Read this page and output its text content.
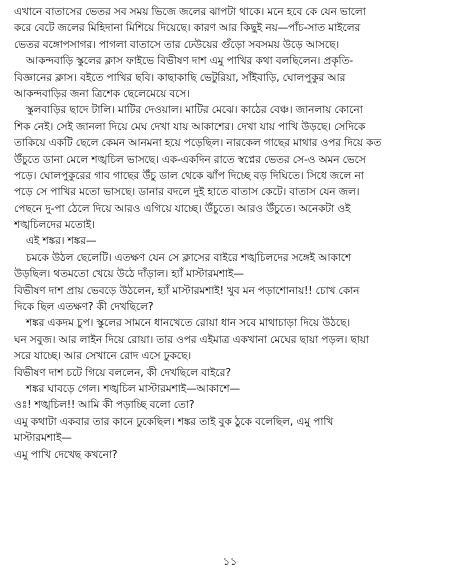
এখানে বাতাসের ভেতর সব সময় ভিজে জলের ঝাপটা থাকে। মনে হবে কে যেন ভালো
করে বেটে জলের মিহিদানা মিশিয়ে দিয়েছে। কারণ আর কিছুই নয়—পাঁচ-সাত মাইলের
ভেতর বঙ্গোপসাগর। পাগলা বাতাসে তার ঢেউয়ের গুঁড়ো সবসময় উড়ে আসছে।
আকন্দবাড়ি স্কুলের ক্লাস ফাইভে বিভীষণ দাশ এমু পাখির কথা বলছিলেন। প্রকৃতি-
বিজ্ঞানের ক্লাস। বইতে পাখির ছবি। কাছাকাছি ভেটুরিয়া, সাঁইবাড়ি, ঘোলপুকুর আর
আকন্দবাড়ির জনা ত্রিশেক ছেলেমেয়ে বসে।
স্কুলবাড়ির ছাদে টালি। মাটির দেওয়াল। মাটির মেঝে। কাঠের বেঞ্চ। জানলায় কোনো
শিক নেই। সেই জানলা দিয়ে মেঘ দেখা যায় আকাশের। দেখা যায় পাখি উড়ছে। সেদিকে
তাকিয়ে একটি ছেলে কেমন আনমনা হয়ে পড়েছিল। নারকেল গাছের মাথার ওপর দিয়ে কত
উঁচুতে ডানা মেলে শঙ্খচিল ভাসছে। এক-একদিন রাতে স্বপ্নের ভেতর সে-ও অমন ভেসে
পড়ে। ঘোলপুকুরের গাব গাছের উঁচু ডাল থেকে ঝাঁপ দিচ্ছে বড় দিঘিতে। সিধে জলে না
পড়ে সে পাখির মতো ভাসছে। ডানার বদলে দুই হাতে বাতাস কেটে। বাতাস যেন জল।
পেছনে দু-পা ঠেলে দিয়ে আরও এগিয়ে যাচ্ছে। উঁচুতে। আরও উঁচুতে। অনেকটা ওই
শঙ্খচিলদের মতোই।
এই শঙ্কর। শঙ্কর—
চমকে উঠল ছেলেটি। এতক্ষণ যেন সে ক্লাসের বাইরে শঙ্খচিলদের সঙ্গেই আকাশে
উড়ছিল। থতমতো খেয়ে উঠে দাঁড়াল। হ্যাঁ মাস্টারমশাই—
বিভীষণ দাশ প্রায় ভেবড়ে উঠলেন, হ্যাঁ মাস্টারমশাই! খুব মন পড়াশোনায়!! চোখ কোন
দিকে ছিল এতক্ষণ? কী দেখছিলে?
শঙ্কর একদম চুপ। স্কুলের সামনে ধানখেতে রোয়া ধান সবে মাথাচাড়া দিয়ে উঠছে।
ঘন সবুজ। আর লাইন দিয়ে রোয়া। তার ওপর এইমাত্র একখানা মেঘের ছায়া পড়ল। ছায়া
সরে যাচ্ছে। আর সেখানে রোদ এসে ঢুকছে।
বিভীষণ দাশ চটে গিয়ে বললেন, কী দেখছিলে বাইরে?
শঙ্কর ঘাবড়ে গেল। শঙ্খচিল মাস্টারমশাই—আকাশে—
ওঃ! শঙ্খচিল!! আমি কী পড়াচ্ছি বলো তো?
এমু কথাটা একবার তার কানে ঢুকেছিল। শঙ্কর তাই বুক ঠুকে বলেছিল, এমু পাখি
মাস্টারমশাই—
এমু পাখি দেখেছ কখনো?
১১
